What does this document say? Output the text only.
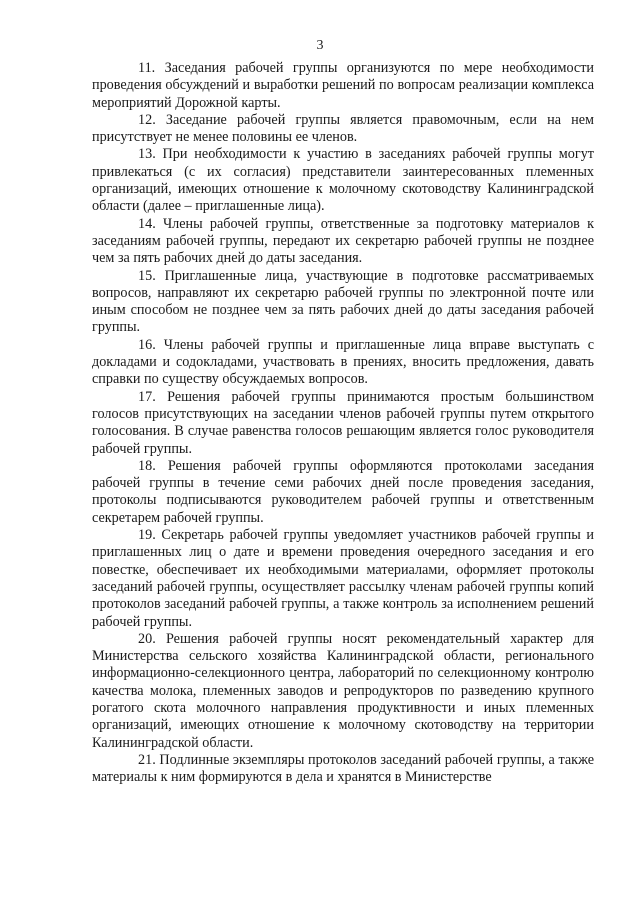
3

11. Заседания рабочей группы организуются по мере необходимости проведения обсуждений и выработки решений по вопросам реализации комплекса мероприятий Дорожной карты.

12. Заседание рабочей группы является правомочным, если на нем присутствует не менее половины ее членов.

13. При необходимости к участию в заседаниях рабочей группы могут привлекаться (с их согласия) представители заинтересованных племенных организаций, имеющих отношение к молочному скотоводству Калининградской области (далее – приглашенные лица).

14. Члены рабочей группы, ответственные за подготовку материалов к заседаниям рабочей группы, передают их секретарю рабочей группы не позднее чем за пять рабочих дней до даты заседания.

15. Приглашенные лица, участвующие в подготовке рассматриваемых вопросов, направляют их секретарю рабочей группы по электронной почте или иным способом не позднее чем за пять рабочих дней до даты заседания рабочей группы.

16. Члены рабочей группы и приглашенные лица вправе выступать с докладами и содокладами, участвовать в прениях, вносить предложения, давать справки по существу обсуждаемых вопросов.

17. Решения рабочей группы принимаются простым большинством голосов присутствующих на заседании членов рабочей группы путем открытого голосования. В случае равенства голосов решающим является голос руководителя рабочей группы.

18. Решения рабочей группы оформляются протоколами заседания рабочей группы в течение семи рабочих дней после проведения заседания, протоколы подписываются руководителем рабочей группы и ответственным секретарем рабочей группы.

19. Секретарь рабочей группы уведомляет участников рабочей группы и приглашенных лиц о дате и времени проведения очередного заседания и его повестке, обеспечивает их необходимыми материалами, оформляет протоколы заседаний рабочей группы, осуществляет рассылку членам рабочей группы копий протоколов заседаний рабочей группы, а также контроль за исполнением решений рабочей группы.

20. Решения рабочей группы носят рекомендательный характер для Министерства сельского хозяйства Калининградской области, регионального информационно-селекционного центра, лабораторий по селекционному контролю качества молока, племенных заводов и репродукторов по разведению крупного рогатого скота молочного направления продуктивности и иных племенных организаций, имеющих отношение к молочному скотоводству на территории Калининградской области.

21. Подлинные экземпляры протоколов заседаний рабочей группы, а также материалы к ним формируются в дела и хранятся в Министерстве
